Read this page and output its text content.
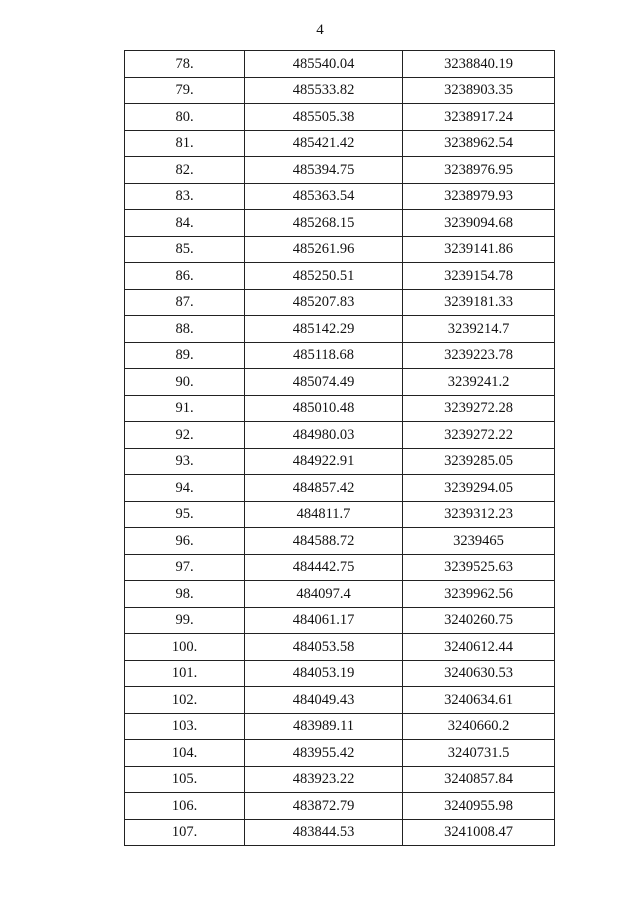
4
78.	485540.04	3238840.19
79.	485533.82	3238903.35
80.	485505.38	3238917.24
81.	485421.42	3238962.54
82.	485394.75	3238976.95
83.	485363.54	3238979.93
84.	485268.15	3239094.68
85.	485261.96	3239141.86
86.	485250.51	3239154.78
87.	485207.83	3239181.33
88.	485142.29	3239214.7
89.	485118.68	3239223.78
90.	485074.49	3239241.2
91.	485010.48	3239272.28
92.	484980.03	3239272.22
93.	484922.91	3239285.05
94.	484857.42	3239294.05
95.	484811.7	3239312.23
96.	484588.72	3239465
97.	484442.75	3239525.63
98.	484097.4	3239962.56
99.	484061.17	3240260.75
100.	484053.58	3240612.44
101.	484053.19	3240630.53
102.	484049.43	3240634.61
103.	483989.11	3240660.2
104.	483955.42	3240731.5
105.	483923.22	3240857.84
106.	483872.79	3240955.98
107.	483844.53	3241008.47
